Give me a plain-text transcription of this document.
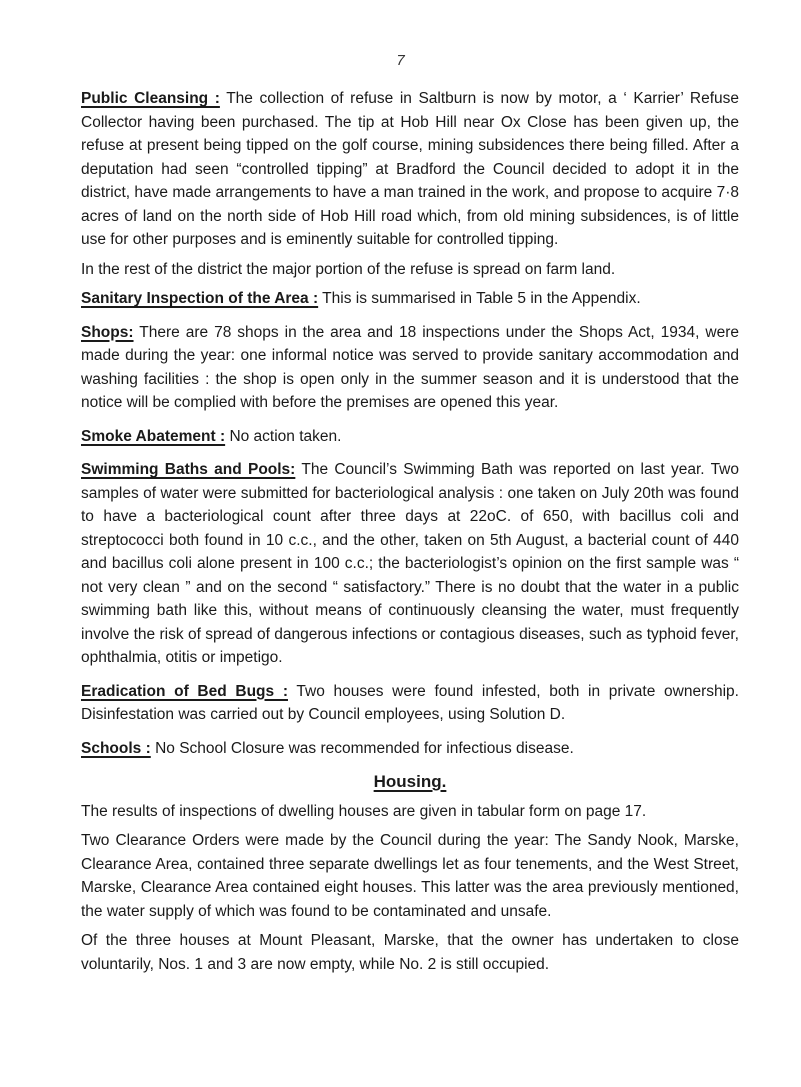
7

Public Cleansing : The collection of refuse in Saltburn is now by motor, a ‘ Karrier’ Refuse Collector having been purchased. The tip at Hob Hill near Ox Close has been given up, the refuse at present being tipped on the golf course, mining subsidences there being filled. After a deputation had seen “controlled tipping” at Bradford the Council decided to adopt it in the district, have made arrangements to have a man trained in the work, and propose to acquire 7·8 acres of land on the north side of Hob Hill road which, from old mining subsidences, is of little use for other purposes and is eminently suitable for controlled tipping.

In the rest of the district the major portion of the refuse is spread on farm land.

Sanitary Inspection of the Area : This is summarised in Table 5 in the Appendix.

Shops: There are 78 shops in the area and 18 inspections under the Shops Act, 1934, were made during the year: one informal notice was served to provide sanitary accommodation and washing facilities : the shop is open only in the summer season and it is understood that the notice will be complied with before the premises are opened this year.

Smoke Abatement : No action taken.

Swimming Baths and Pools: The Council’s Swimming Bath was reported on last year. Two samples of water were submitted for bacteriological analysis : one taken on July 20th was found to have a bacteriological count after three days at 22oC. of 650, with bacillus coli and streptococci both found in 10 c.c., and the other, taken on 5th August, a bacterial count of 440 and bacillus coli alone present in 100 c.c.; the bacteriologist’s opinion on the first sample was “ not very clean ” and on the second “ satisfactory.” There is no doubt that the water in a public swimming bath like this, without means of continuously cleansing the water, must frequently involve the risk of spread of dangerous infections or contagious diseases, such as typhoid fever, ophthalmia, otitis or impetigo.

Eradication of Bed Bugs : Two houses were found infested, both in private ownership. Disinfestation was carried out by Council employees, using Solution D.

Schools : No School Closure was recommended for infectious disease.

Housing.

The results of inspections of dwelling houses are given in tabular form on page 17.

Two Clearance Orders were made by the Council during the year: The Sandy Nook, Marske, Clearance Area, contained three separate dwellings let as four tenements, and the West Street, Marske, Clearance Area contained eight houses. This latter was the area previously mentioned, the water supply of which was found to be contaminated and unsafe.

Of the three houses at Mount Pleasant, Marske, that the owner has undertaken to close voluntarily, Nos. 1 and 3 are now empty, while No. 2 is still occupied.
